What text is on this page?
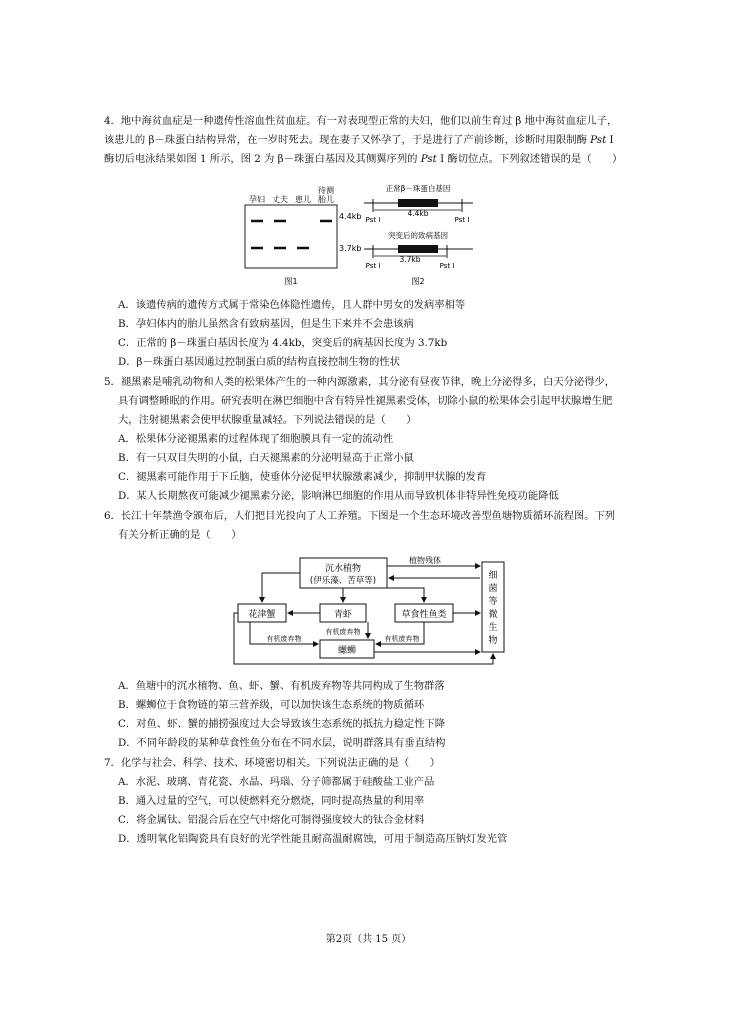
4．地中海贫血症是一种遗传性溶血性贫血症。有一对表现型正常的夫妇，他们以前生育过 β 地中海贫血症儿子，

该患儿的 β－珠蛋白结构异常，在一岁时死去。现在妻子又怀孕了，于是进行了产前诊断，诊断时用限制酶 Pst I

酶切后电泳结果如图 1 所示，图 2 为 β－珠蛋白基因及其侧翼序列的 Pst I 酶切位点。下列叙述错误的是（　　）

孕妇 丈夫 患儿
待测胎儿
4.4kb
3.7kb
图1
正常β－珠蛋白基因
4.4kb
Pst Ⅰ	Pst Ⅰ
突变后的致病基因
3.7kb
Pst Ⅰ	Pst Ⅰ
图2

A．该遗传病的遗传方式属于常染色体隐性遗传，且人群中男女的发病率相等

B．孕妇体内的胎儿虽然含有致病基因，但是生下来并不会患该病

C．正常的 β－珠蛋白基因长度为 4.4kb，突变后的病基因长度为 3.7kb

D．β－珠蛋白基因通过控制蛋白质的结构直接控制生物的性状

5．褪黑素是哺乳动物和人类的松果体产生的一种内源激素，其分泌有昼夜节律，晚上分泌得多，白天分泌得少，

具有调整睡眠的作用。研究表明在淋巴细胞中含有特异性褪黑素受体，切除小鼠的松果体会引起甲状腺增生肥

大，注射褪黑素会使甲状腺重量减轻。下列说法错误的是（　　）

A．松果体分泌褪黑素的过程体现了细胞膜具有一定的流动性

B．有一只双目失明的小鼠，白天褪黑素的分泌明显高于正常小鼠

C．褪黑素可能作用于下丘脑，使垂体分泌促甲状腺激素减少，抑制甲状腺的发育

D．某人长期熬夜可能减少褪黑素分泌，影响淋巴细胞的作用从而导致机体非特异性免疫功能降低

6．长江十年禁渔令颁布后，人们把目光投向了人工养殖。下图是一个生态环境改善型鱼塘物质循环流程图。下列

有关分析正确的是（　　）

沉水植物
(伊乐藻、苦草等)	细
菌
等
微
生
物
植物残体
花津蟹	青虾	草食性鱼类
螺蛳
有机废弃物
有机废弃物	有机废弃物

A．鱼塘中的沉水植物、鱼、虾、蟹、有机废弃物等共同构成了生物群落

B．螺蛳位于食物链的第三营养级，可以加快该生态系统的物质循环

C．对鱼、虾、蟹的捕捞强度过大会导致该生态系统的抵抗力稳定性下降

D．不同年龄段的某种草食性鱼分布在不同水层，说明群落具有垂直结构

7．化学与社会、科学、技术、环境密切相关。下列说法正确的是（　　）

A．水泥、玻璃、青花瓷、水晶、玛瑙、分子筛都属于硅酸盐工业产品

B．通入过量的空气，可以使燃料充分燃烧，同时提高热量的利用率

C．将金属钛、铝混合后在空气中熔化可制得强度较大的钛合金材料

D．透明氧化铝陶瓷具有良好的光学性能且耐高温耐腐蚀，可用于制造高压钠灯发光管

第2页（共 15 页）
